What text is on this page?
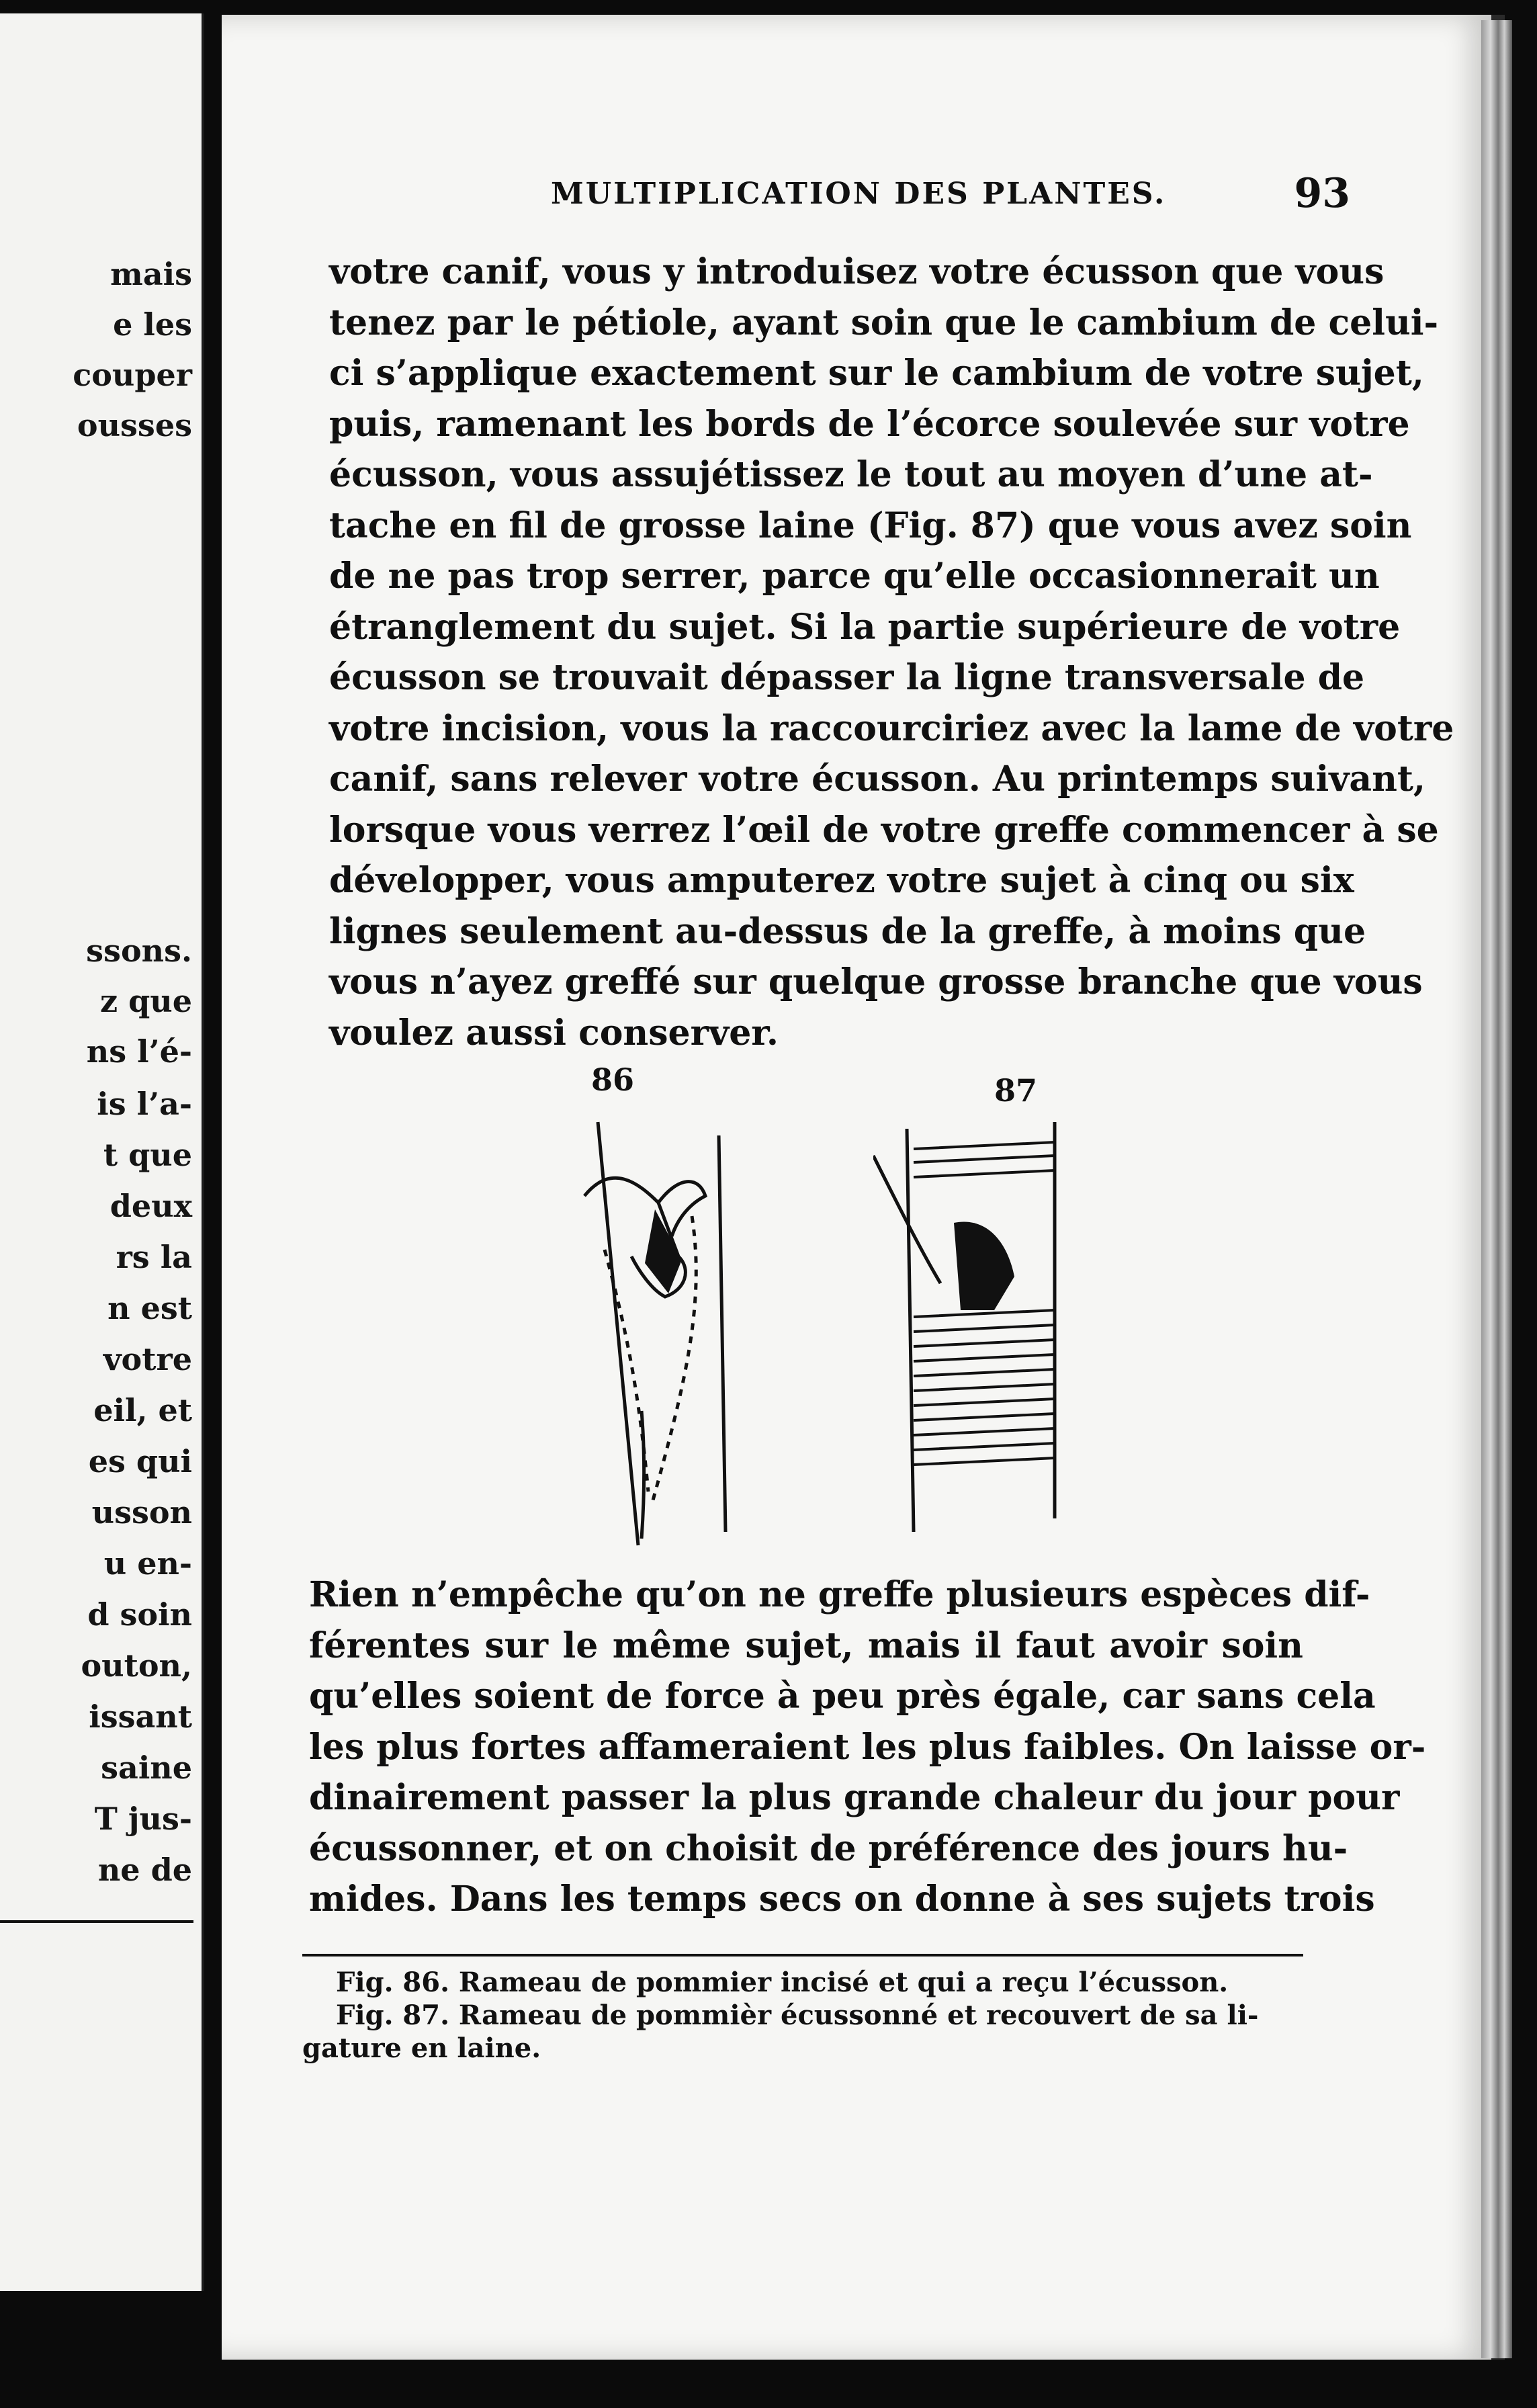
mais
e les
couper
ousses
ssons.
z que
ns l’é-
is l’a-
t que
deux
rs la
n est
votre
eil, et
es qui
usson
u en-
d soin
outon,
issant
saine
T jus-
ne de
MULTIPLICATION DES PLANTES.	93
votre canif, vous y introduisez votre écusson que vous
tenez par le pétiole, ayant soin que le cambium de celui-
ci s’applique exactement sur le cambium de votre sujet,
puis, ramenant les bords de l’écorce soulevée sur votre
écusson, vous assujétissez le tout au moyen d’une at-
tache en fil de grosse laine (Fig. 87) que vous avez soin
de ne pas trop serrer, parce qu’elle occasionnerait un
étranglement du sujet. Si la partie supérieure de votre
écusson se trouvait dépasser la ligne transversale de
votre incision, vous la raccourciriez avec la lame de votre
canif, sans relever votre écusson. Au printemps suivant,
lorsque vous verrez l’œil de votre greffe commencer à se
développer, vous amputerez votre sujet à cinq ou six
lignes seulement au-dessus de la greffe, à moins que
vous n’ayez greffé sur quelque grosse branche que vous
voulez aussi conserver.
86	87
Rien n’empêche qu’on ne greffe plusieurs espèces dif-
férentes sur le même sujet, mais il faut avoir soin
qu’elles soient de force à peu près égale, car sans cela
les plus fortes affameraient les plus faibles. On laisse or-
dinairement passer la plus grande chaleur du jour pour
écussonner, et on choisit de préférence des jours hu-
mides. Dans les temps secs on donne à ses sujets trois
Fig. 86. Rameau de pommier incisé et qui a reçu l’écusson.
Fig. 87. Rameau de pommièr écussonné et recouvert de sa li-
gature en laine.
